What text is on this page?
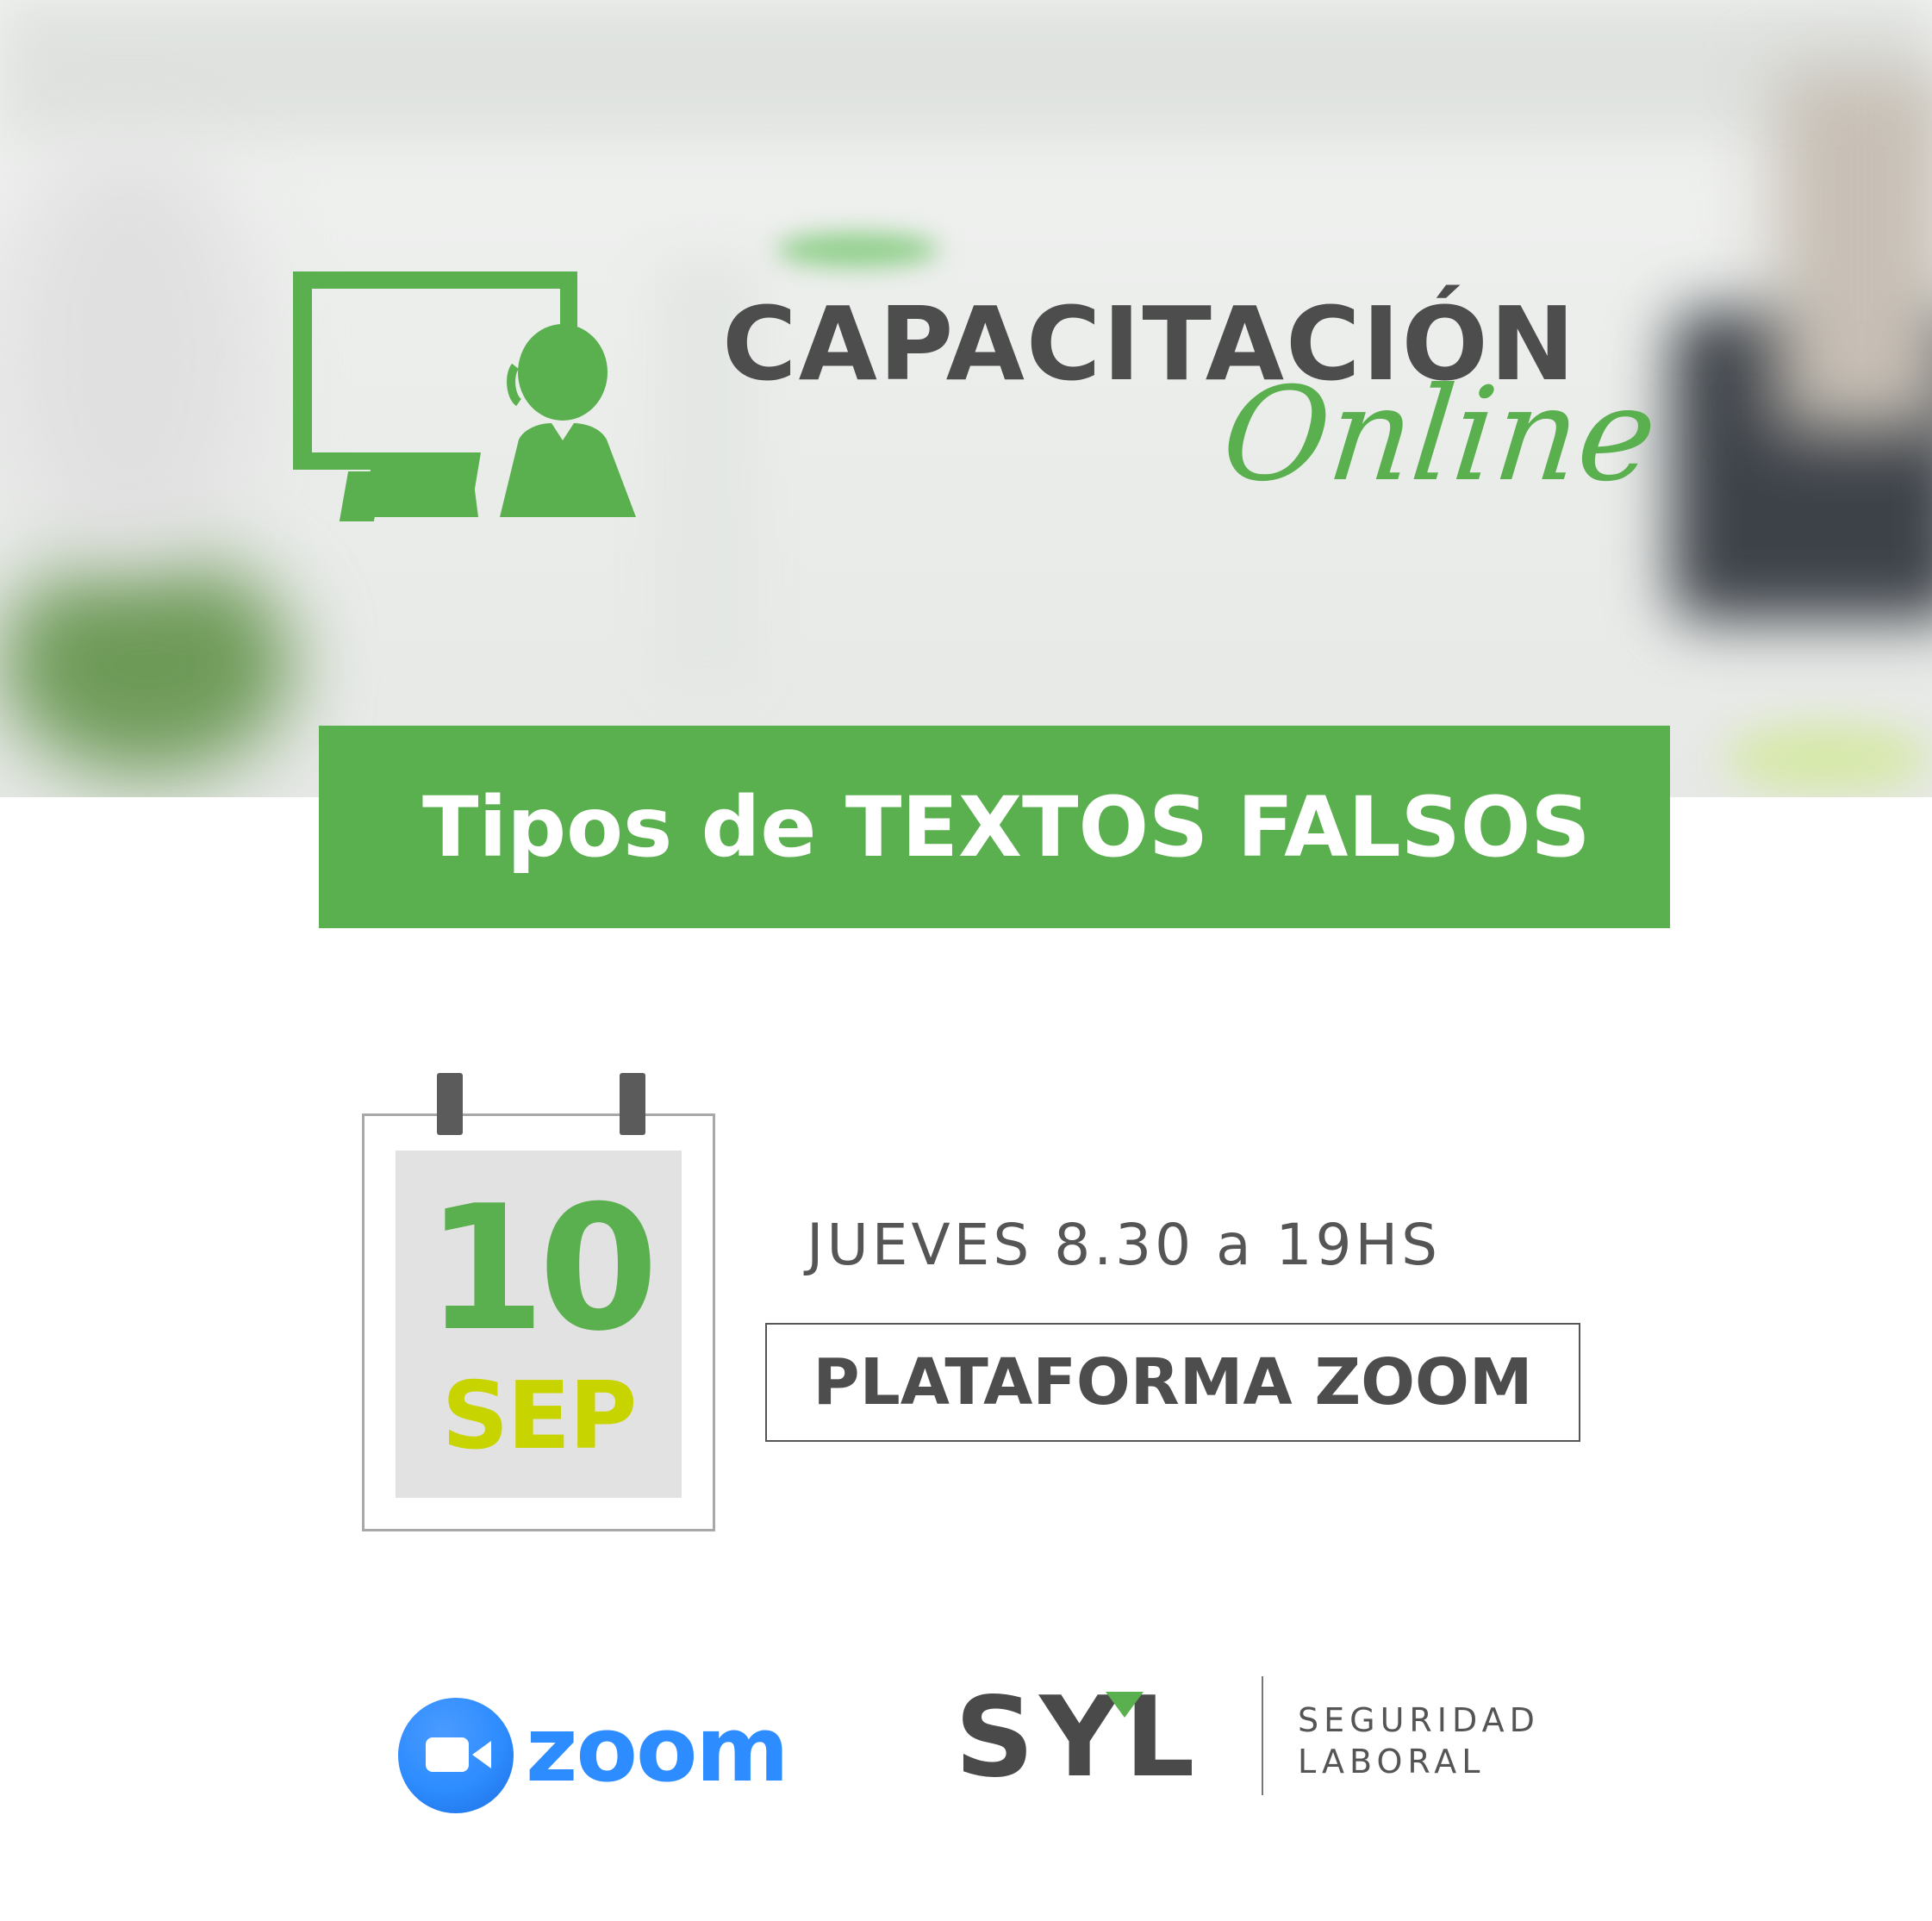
CAPACITACIÓN
Online
Tipos de TEXTOS FALSOS
10
SEP
JUEVES 8.30 a 19HS
PLATAFORMA ZOOM
zoom SYL	SEGURIDAD
LABORAL
